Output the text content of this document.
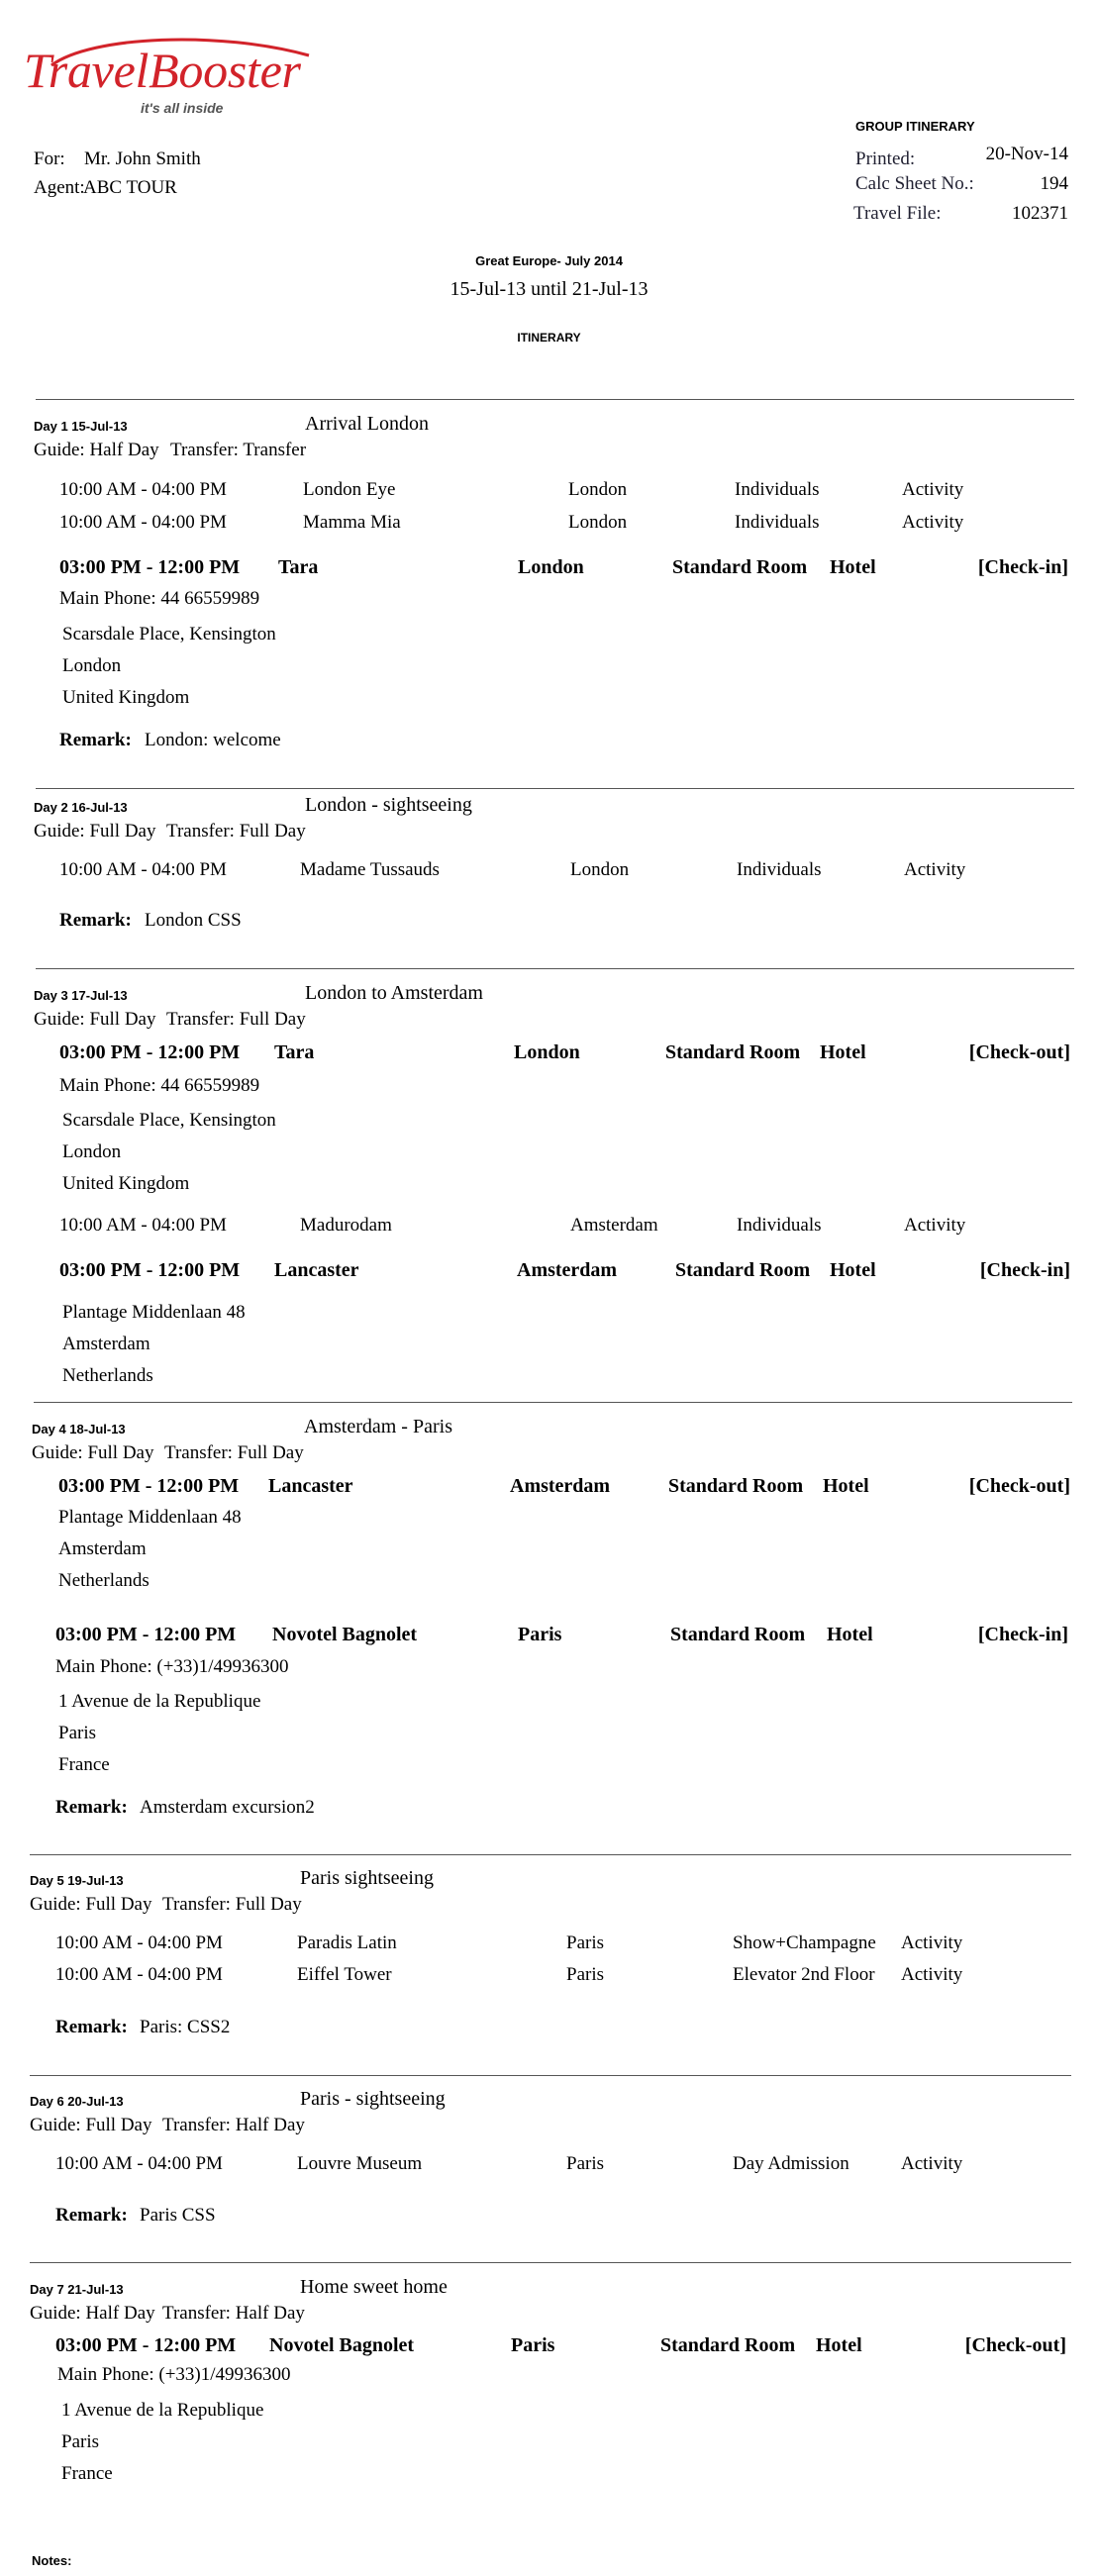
TravelBooster
it's all inside
GROUP ITINERARY
For: Mr. John Smith
Agent:
ABC TOUR
Printed:	20-Nov-14
Calc Sheet No.:	194
Travel File:	102371
Great Europe- July 2014
15-Jul-13 until 21-Jul-13
ITINERARY
Day 1 15-Jul-13	Arrival London
Guide: Half Day Transfer: Transfer
10:00 AM - 04:00 PM	London Eye	London	Individuals	Activity
10:00 AM - 04:00 PM	Mamma Mia	London	Individuals	Activity
03:00 PM - 12:00 PM Tara	London	Standard Room Hotel	[Check-in]
Main Phone: 44 66559989
Scarsdale Place, Kensington
London
United Kingdom
Remark: London: welcome
Day 2 16-Jul-13	London - sightseeing
Guide: Full Day Transfer: Full Day
10:00 AM - 04:00 PM	Madame Tussauds	London	Individuals	Activity
Remark: London CSS
Day 3 17-Jul-13	London to Amsterdam
Guide: Full Day Transfer: Full Day
03:00 PM - 12:00 PM Tara	London	Standard Room Hotel	[Check-out]
Main Phone: 44 66559989
Scarsdale Place, Kensington
London
United Kingdom
10:00 AM - 04:00 PM	Madurodam	Amsterdam	Individuals	Activity
03:00 PM - 12:00 PM Lancaster	Amsterdam	Standard Room Hotel	[Check-in]
Plantage Middenlaan 48
Amsterdam
Netherlands
Day 4 18-Jul-13	Amsterdam - Paris
Guide: Full Day Transfer: Full Day
03:00 PM - 12:00 PM Lancaster	Amsterdam	Standard Room Hotel	[Check-out]
Plantage Middenlaan 48
Amsterdam
Netherlands
03:00 PM - 12:00 PM Novotel Bagnolet	Paris	Standard Room Hotel	[Check-in]
Main Phone: (+33)1/49936300
1 Avenue de la Republique
Paris
France
Remark: Amsterdam excursion2
Day 5 19-Jul-13	Paris sightseeing
Guide: Full Day Transfer: Full Day
10:00 AM - 04:00 PM	Paradis Latin	Paris	Show+Champagne Activity
10:00 AM - 04:00 PM	Eiffel Tower	Paris	Elevator 2nd Floor Activity
Remark: Paris: CSS2
Day 6 20-Jul-13	Paris - sightseeing
Guide: Full Day Transfer: Half Day
10:00 AM - 04:00 PM	Louvre Museum	Paris	Day Admission	Activity
Remark: Paris CSS
Day 7 21-Jul-13	Home sweet home
Guide: Half Day Transfer: Half Day
03:00 PM - 12:00 PM Novotel Bagnolet	Paris	Standard Room Hotel	[Check-out]
Main Phone: (+33)1/49936300
1 Avenue de la Republique
Paris
France
Notes:
